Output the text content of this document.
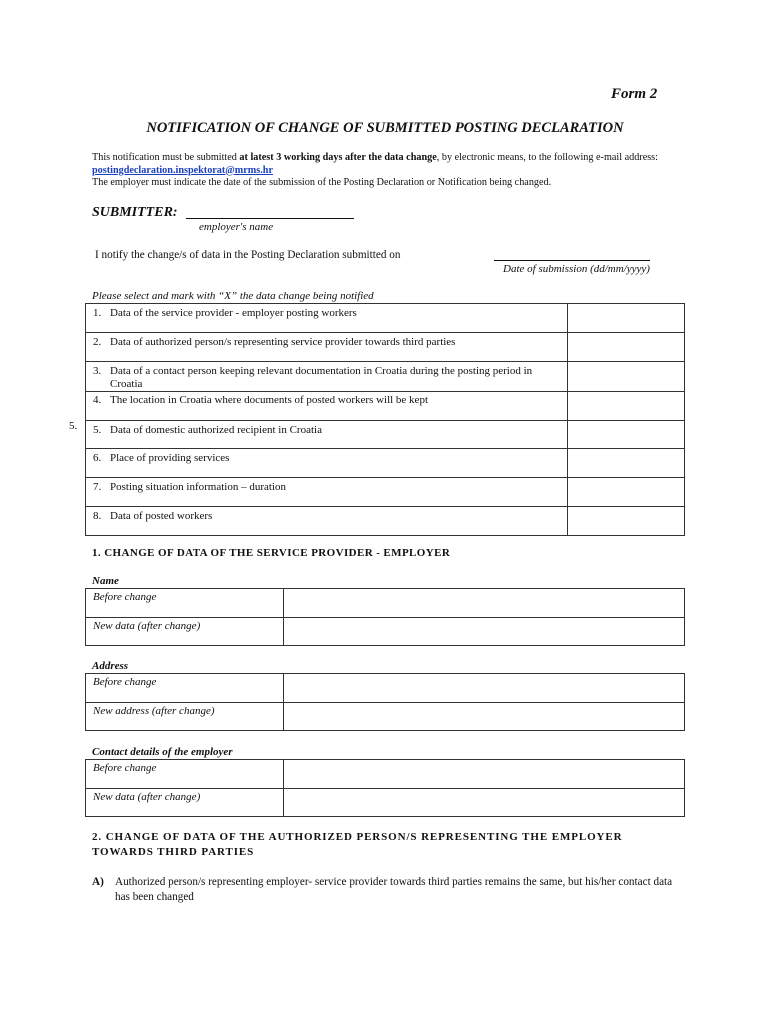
Form 2
NOTIFICATION OF CHANGE OF SUBMITTED POSTING DECLARATION
This notification must be submitted at latest 3 working days after the data change, by electronic means, to the following e-mail address: postingdeclaration.inspektorat@mrms.hr
The employer must indicate the date of the submission of the Posting Declaration or Notification being changed.
SUBMITTER:
employer's name
I notify the change/s of data in the Posting Declaration submitted on
Date of submission (dd/mm/yyyy)
Please select and mark with “X” the data change being notified
1. Data of the service provider - employer posting workers	
2. Data of authorized person/s representing service provider towards third parties	

3. Data of a contact person keeping relevant documentation in Croatia during the posting period in Croatia	

4. The location in Croatia where documents of posted workers will be kept	
5. Data of domestic authorized recipient in Croatia	
6. Place of providing services	
7. Posting situation information – duration	
8. Data of posted workers	
5.
1. CHANGE OF DATA OF THE SERVICE PROVIDER - EMPLOYER
Name
Before change	
New data (after change)	
Address
Before change	
New address (after change)	
Contact details of the employer
Before change	
New data (after change)	
2. CHANGE OF DATA OF THE AUTHORIZED PERSON/S REPRESENTING THE EMPLOYER
TOWARDS THIRD PARTIES
A) Authorized person/s representing employer- service provider towards third parties remains the same, but his/her contact data has been changed
